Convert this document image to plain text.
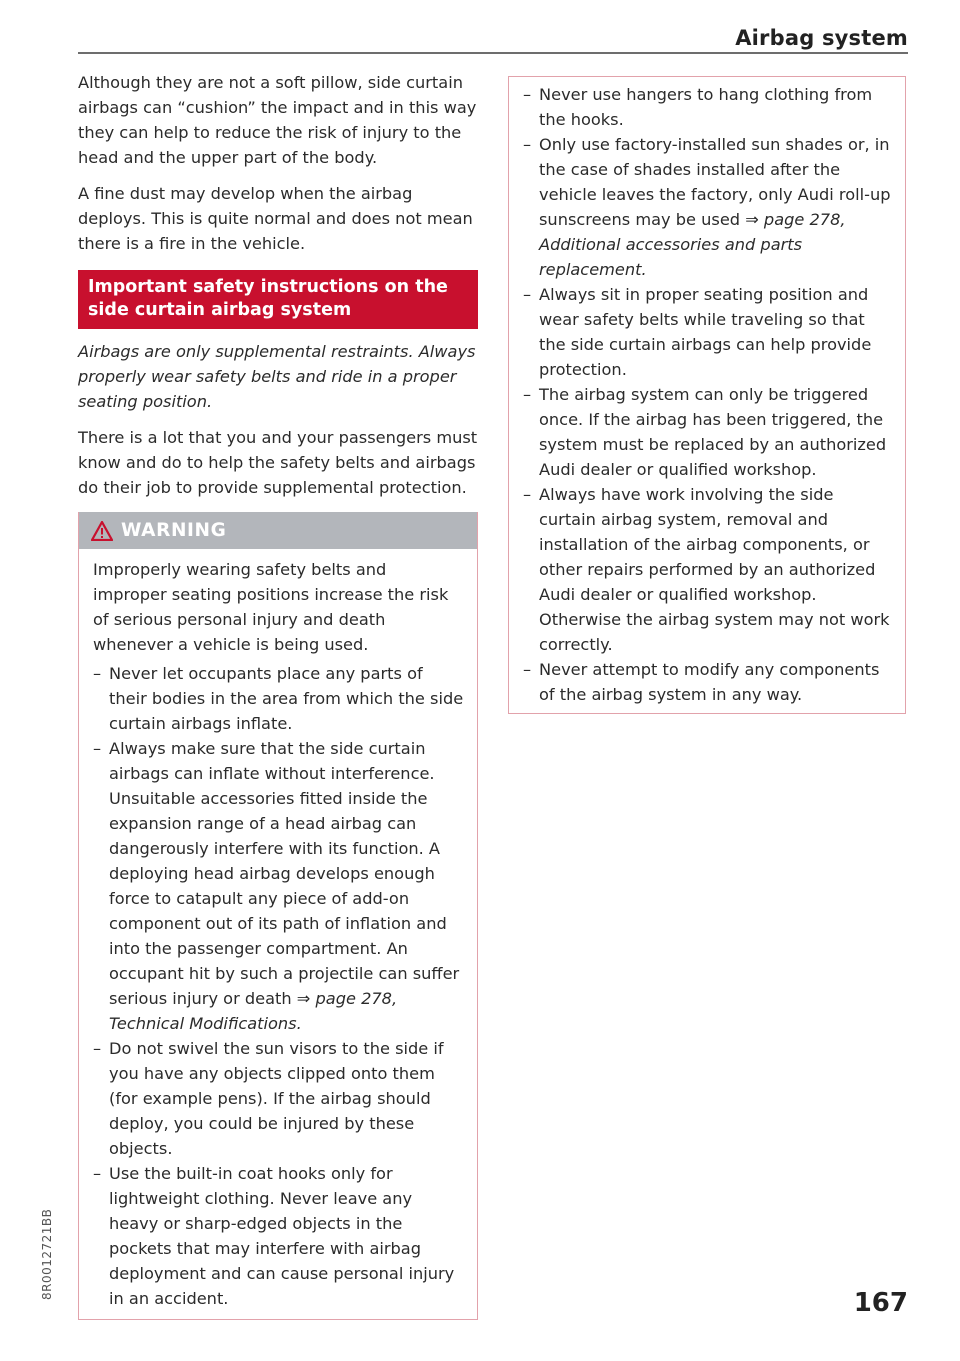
Airbag system

Although they are not a soft pillow, side curtain airbags can “cushion” the impact and in this way they can help to reduce the risk of injury to the head and the upper part of the body.

A fine dust may develop when the airbag deploys. This is quite normal and does not mean there is a fire in the vehicle.

Important safety instructions on the side curtain airbag system

Airbags are only supplemental restraints. Always properly wear safety belts and ride in a proper seating position.

There is a lot that you and your passengers must know and do to help the safety belts and airbags do their job to provide supplemental protection.

WARNING

Improperly wearing safety belts and improper seating positions increase the risk of serious personal injury and death whenever a vehicle is being used.

– Never let occupants place any parts of their bodies in the area from which the side curtain airbags inflate.
– Always make sure that the side curtain airbags can inflate without interference. Unsuitable accessories fitted inside the expansion range of a head airbag can dangerously interfere with its function. A deploying head airbag develops enough force to catapult any piece of add-on component out of its path of inflation and into the passenger compartment. An occupant hit by such a projectile can suffer serious injury or death ⇒ page 278, Technical Modifications.
– Do not swivel the sun visors to the side if you have any objects clipped onto them (for example pens). If the airbag should deploy, you could be injured by these objects.
– Use the built-in coat hooks only for lightweight clothing. Never leave any heavy or sharp-edged objects in the pockets that may interfere with airbag deployment and can cause personal injury in an accident.
– Never use hangers to hang clothing from the hooks.
– Only use factory-installed sun shades or, in the case of shades installed after the vehicle leaves the factory, only Audi roll-up sunscreens may be used ⇒ page 278, Additional accessories and parts replacement.
– Always sit in proper seating position and wear safety belts while traveling so that the side curtain airbags can help provide protection.
– The airbag system can only be triggered once. If the airbag has been triggered, the system must be replaced by an authorized Audi dealer or qualified workshop.
– Always have work involving the side curtain airbag system, removal and installation of the airbag components, or other repairs performed by an authorized Audi dealer or qualified workshop. Otherwise the airbag system may not work correctly.
– Never attempt to modify any components of the airbag system in any way.
8R0012721BB
167
